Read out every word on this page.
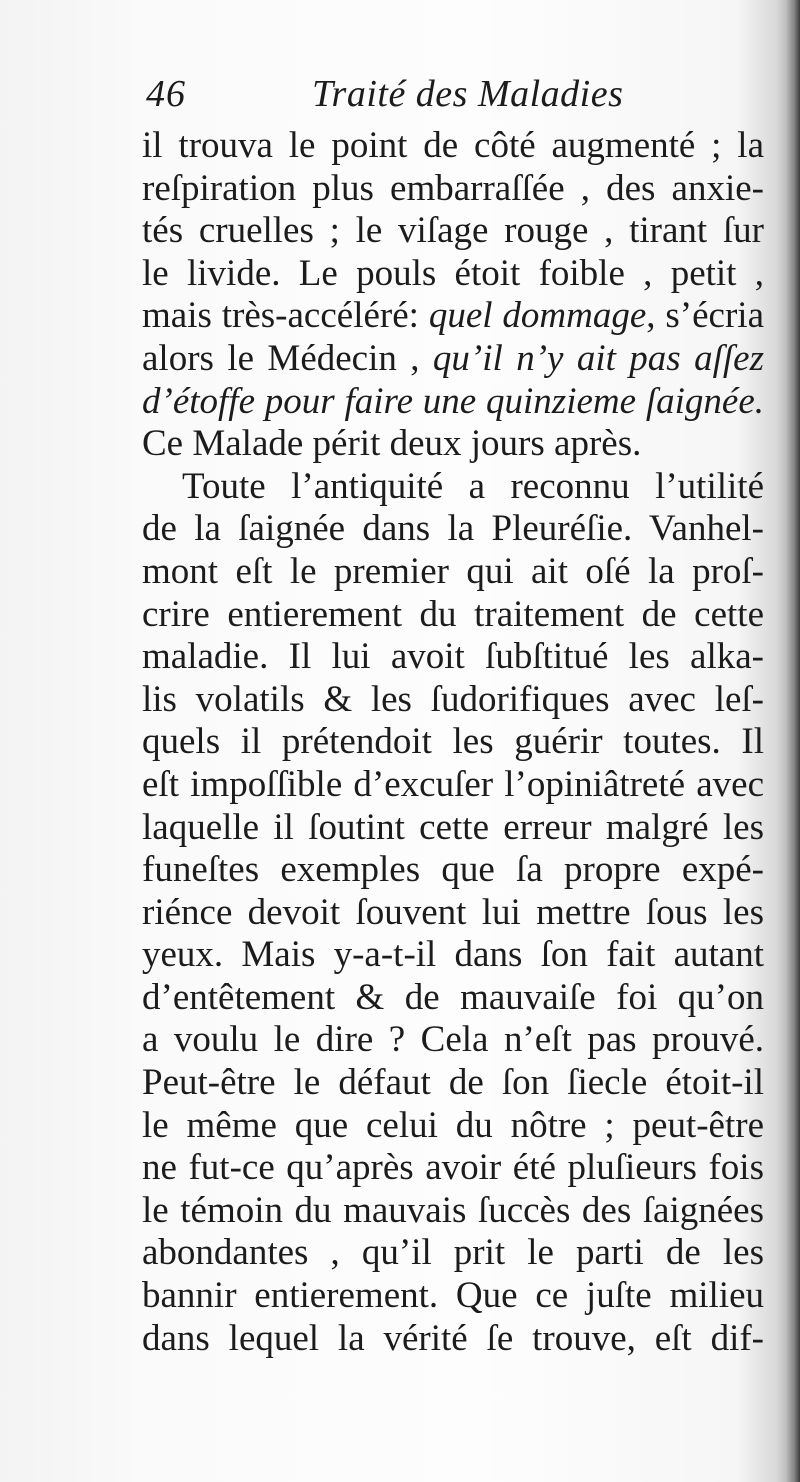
46	Traité des Maladies
il trouva le point de côté augmenté ; la
reſpiration plus embarraſſée , des anxie-
tés cruelles ; le viſage rouge , tirant ſur
le livide. Le pouls étoit foible , petit ,
mais très-accéléré: quel dommage, s’écria
alors le Médecin , qu’il n’y ait pas aſſez
d’étoffe pour faire une quinzieme ſaignée.
Ce Malade périt deux jours après.
Toute l’antiquité a reconnu l’utilité
de la ſaignée dans la Pleuréſie. Vanhel-
mont eſt le premier qui ait oſé la proſ-
crire entierement du traitement de cette
maladie. Il lui avoit ſubſtitué les alka-
lis volatils & les ſudorifiques avec leſ-
quels il prétendoit les guérir toutes. Il
eſt impoſſible d’excuſer l’opiniâtreté avec
laquelle il ſoutint cette erreur malgré les
funeſtes exemples que ſa propre expé-
riénce devoit ſouvent lui mettre ſous les
yeux. Mais y-a-t-il dans ſon fait autant
d’entêtement & de mauvaiſe foi qu’on
a voulu le dire ? Cela n’eſt pas prouvé.
Peut-être le défaut de ſon ſiecle étoit-il
le même que celui du nôtre ; peut-être
ne fut-ce qu’après avoir été pluſieurs fois
le témoin du mauvais ſuccès des ſaignées
abondantes , qu’il prit le parti de les
bannir entierement. Que ce juſte milieu
dans lequel la vérité ſe trouve, eſt dif-
